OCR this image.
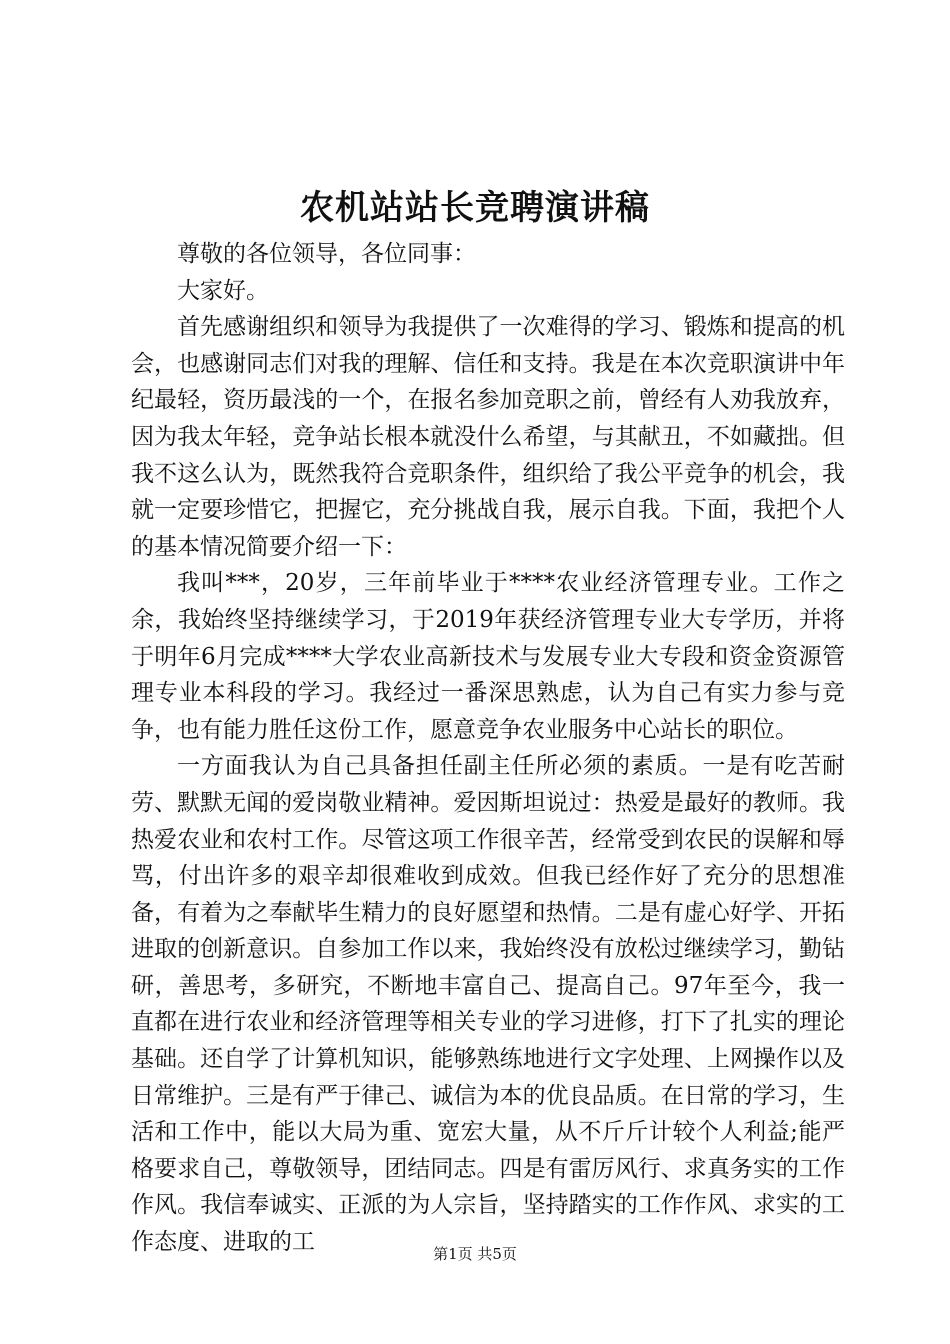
农机站站长竞聘演讲稿

尊敬的各位领导，各位同事：

大家好。

首先感谢组织和领导为我提供了一次难得的学习、锻炼和提高的机会，也感谢同志们对我的理解、信任和支持。我是在本次竞职演讲中年纪最轻，资历最浅的一个，在报名参加竞职之前，曾经有人劝我放弃，因为我太年轻，竞争站长根本就没什么希望，与其献丑，不如藏拙。但我不这么认为，既然我符合竞职条件，组织给了我公平竞争的机会，我就一定要珍惜它，把握它，充分挑战自我，展示自我。下面，我把个人的基本情况简要介绍一下：

我叫***，20岁，三年前毕业于****农业经济管理专业。工作之余，我始终坚持继续学习，于2019年获经济管理专业大专学历，并将于明年6月完成****大学农业高新技术与发展专业大专段和资金资源管理专业本科段的学习。我经过一番深思熟虑，认为自己有实力参与竞争，也有能力胜任这份工作，愿意竞争农业服务中心站长的职位。

一方面我认为自己具备担任副主任所必须的素质。一是有吃苦耐劳、默默无闻的爱岗敬业精神。爱因斯坦说过：热爱是最好的教师。我热爱农业和农村工作。尽管这项工作很辛苦，经常受到农民的误解和辱骂，付出许多的艰辛却很难收到成效。但我已经作好了充分的思想准备，有着为之奉献毕生精力的良好愿望和热情。二是有虚心好学、开拓进取的创新意识。自参加工作以来，我始终没有放松过继续学习，勤钻研，善思考，多研究，不断地丰富自己、提高自己。97年至今，我一直都在进行农业和经济管理等相关专业的学习进修，打下了扎实的理论基础。还自学了计算机知识，能够熟练地进行文字处理、上网操作以及日常维护。三是有严于律己、诚信为本的优良品质。在日常的学习，生活和工作中，能以大局为重、宽宏大量，从不斤斤计较个人利益;能严格要求自己，尊敬领导，团结同志。四是有雷厉风行、求真务实的工作作风。我信奉诚实、正派的为人宗旨，坚持踏实的工作作风、求实的工作态度、进取的工	第1页 共5页
